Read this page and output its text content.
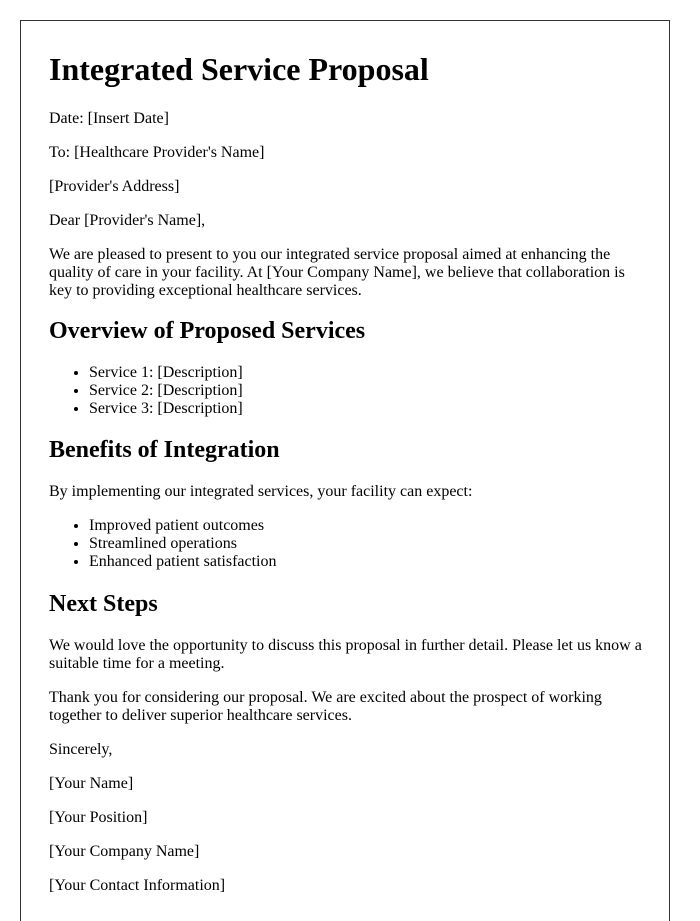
Integrated Service Proposal

Date: [Insert Date]

To: [Healthcare Provider's Name]

[Provider's Address]

Dear [Provider's Name],

We are pleased to present to you our integrated service proposal aimed at enhancing the quality of care in your facility. At [Your Company Name], we believe that collaboration is key to providing exceptional healthcare services.

Overview of Proposed Services
• Service 1: [Description]
• Service 2: [Description]
• Service 3: [Description]
Benefits of Integration

By implementing our integrated services, your facility can expect:

• Improved patient outcomes
• Streamlined operations
• Enhanced patient satisfaction
Next Steps

We would love the opportunity to discuss this proposal in further detail. Please let us know a suitable time for a meeting.

Thank you for considering our proposal. We are excited about the prospect of working together to deliver superior healthcare services.

Sincerely,

[Your Name]

[Your Position]

[Your Company Name]

[Your Contact Information]
